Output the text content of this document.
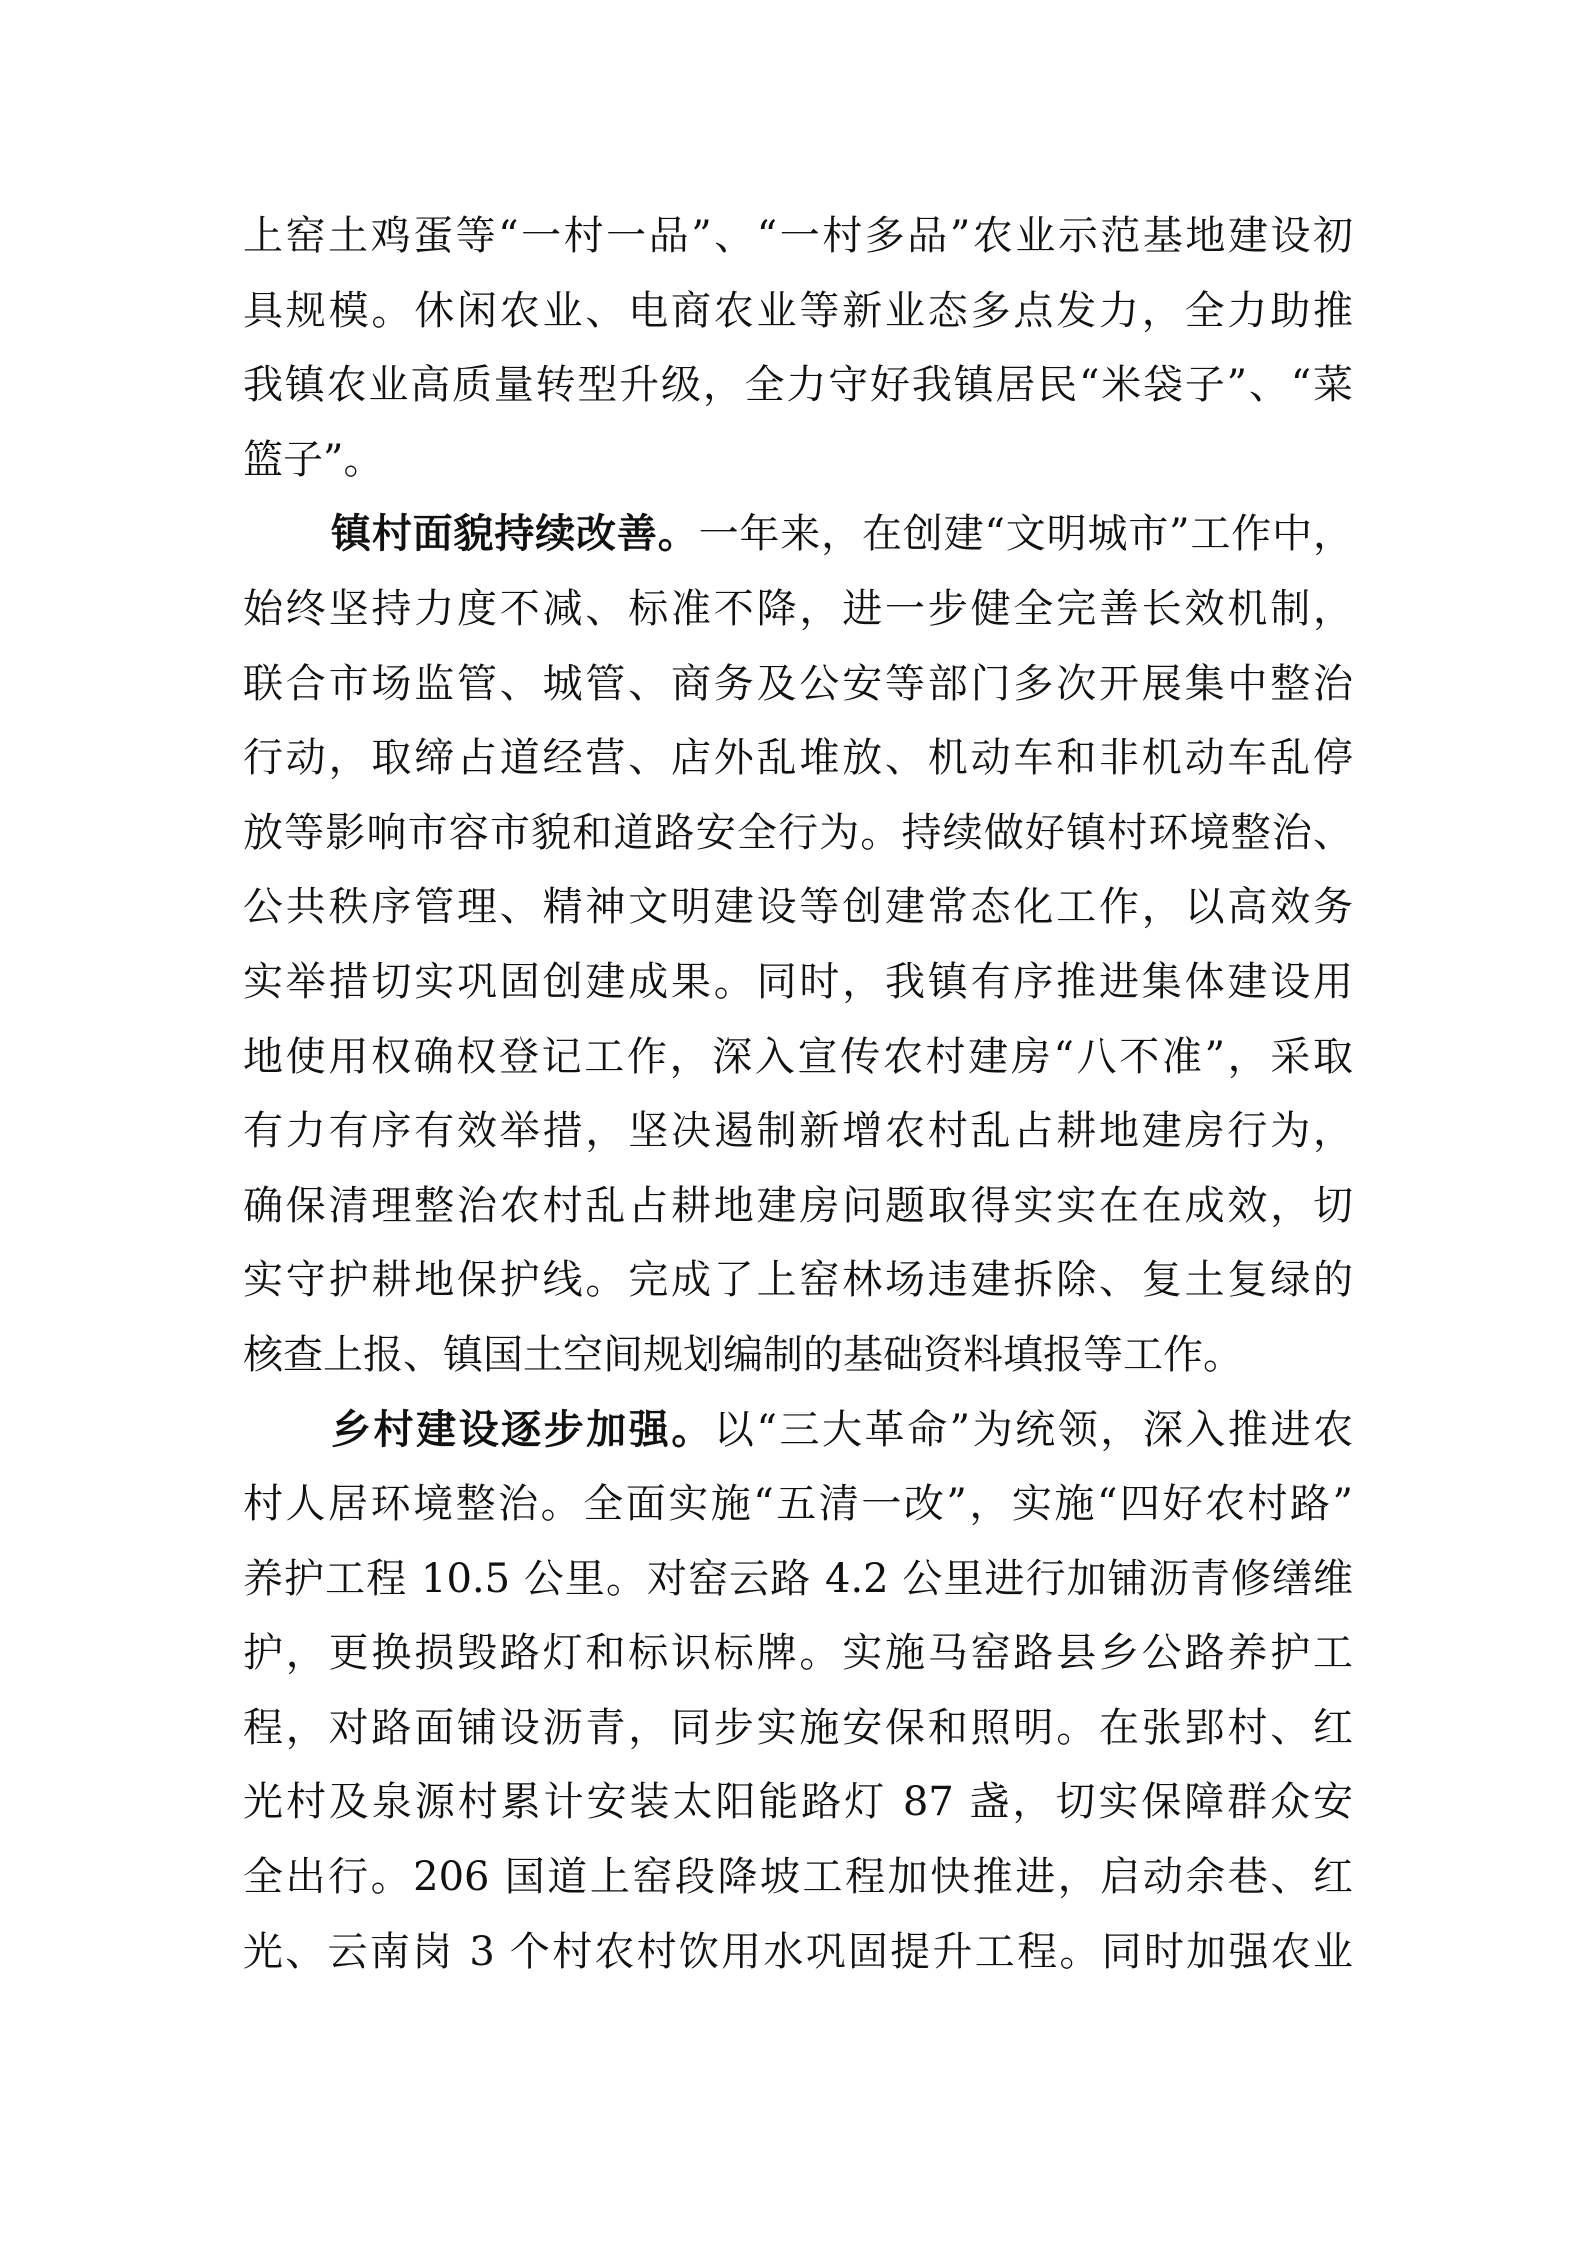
上窑土鸡蛋等“一村一品”、“一村多品”农业示范基地建设初
具规模。休闲农业、电商农业等新业态多点发力，全力助推
我镇农业高质量转型升级，全力守好我镇居民“米袋子”、“菜
篮子”。
镇村面貌持续改善。一年来，在创建“文明城市”工作中，
始终坚持力度不减、标准不降，进一步健全完善长效机制，
联合市场监管、城管、商务及公安等部门多次开展集中整治
行动，取缔占道经营、店外乱堆放、机动车和非机动车乱停
放等影响市容市貌和道路安全行为。持续做好镇村环境整治、
公共秩序管理、精神文明建设等创建常态化工作，以高效务
实举措切实巩固创建成果。同时，我镇有序推进集体建设用
地使用权确权登记工作，深入宣传农村建房“八不准”，采取
有力有序有效举措，坚决遏制新增农村乱占耕地建房行为，
确保清理整治农村乱占耕地建房问题取得实实在在成效，切
实守护耕地保护线。完成了上窑林场违建拆除、复土复绿的
核查上报、镇国土空间规划编制的基础资料填报等工作。
乡村建设逐步加强。以“三大革命”为统领，深入推进农
村人居环境整治。全面实施“五清一改”，实施“四好农村路”
养护工程 10.5 公里。对窑云路 4.2 公里进行加铺沥青修缮维
护，更换损毁路灯和标识标牌。实施马窑路县乡公路养护工
程，对路面铺设沥青，同步实施安保和照明。在张郢村、红
光村及泉源村累计安装太阳能路灯 87 盏，切实保障群众安
全出行。206 国道上窑段降坡工程加快推进，启动余巷、红
光、云南岗 3 个村农村饮用水巩固提升工程。同时加强农业
